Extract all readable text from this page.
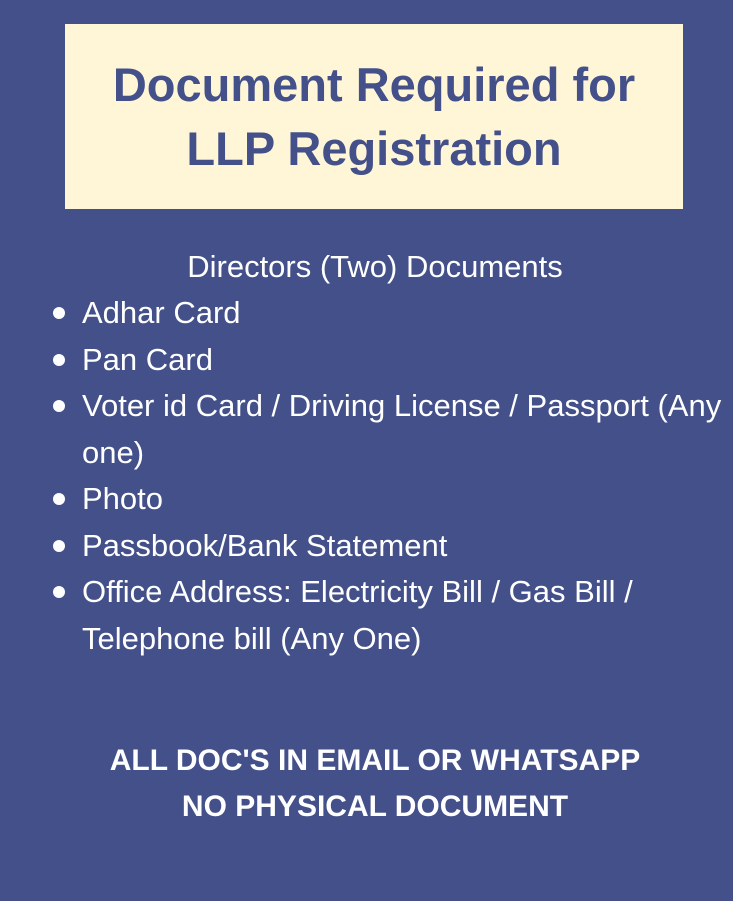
Document Required for
LLP Registration
Directors (Two) Documents
Adhar Card
Pan Card
Voter id Card / Driving License / Passport (Any one)
Photo
Passbook/Bank Statement
Office Address: Electricity Bill / Gas Bill / Telephone bill (Any One)
ALL DOC'S IN EMAIL OR WHATSAPP
NO PHYSICAL DOCUMENT
